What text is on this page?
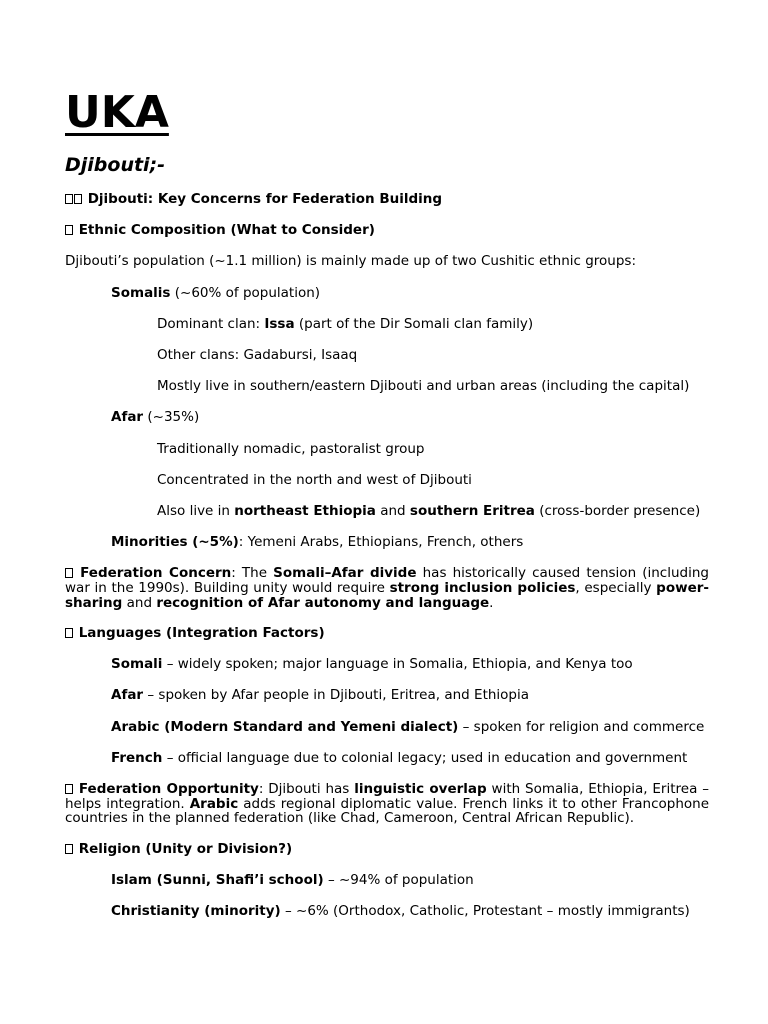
UKA
Djibouti;-
Djibouti: Key Concerns for Federation Building
Ethnic Composition (What to Consider)
Djibouti’s population (~1.1 million) is mainly made up of two Cushitic ethnic groups:
Somalis (~60% of population)
Dominant clan: Issa (part of the Dir Somali clan family)
Other clans: Gadabursi, Isaaq
Mostly live in southern/eastern Djibouti and urban areas (including the capital)
Afar (~35%)
Traditionally nomadic, pastoralist group
Concentrated in the north and west of Djibouti
Also live in northeast Ethiopia and southern Eritrea (cross-border presence)
Minorities (~5%): Yemeni Arabs, Ethiopians, French, others
Federation Concern: The Somali–Afar divide has historically caused tension (including
war in the 1990s). Building unity would require strong inclusion policies, especially power-
sharing and recognition of Afar autonomy and language.
Languages (Integration Factors)
Somali – widely spoken; major language in Somalia, Ethiopia, and Kenya too
Afar – spoken by Afar people in Djibouti, Eritrea, and Ethiopia
Arabic (Modern Standard and Yemeni dialect) – spoken for religion and commerce
French – official language due to colonial legacy; used in education and government
Federation Opportunity: Djibouti has linguistic overlap with Somalia, Ethiopia, Eritrea –
helps integration. Arabic adds regional diplomatic value. French links it to other Francophone
countries in the planned federation (like Chad, Cameroon, Central African Republic).
Religion (Unity or Division?)
Islam (Sunni, Shafi’i school) – ~94% of population
Christianity (minority) – ~6% (Orthodox, Catholic, Protestant – mostly immigrants)
